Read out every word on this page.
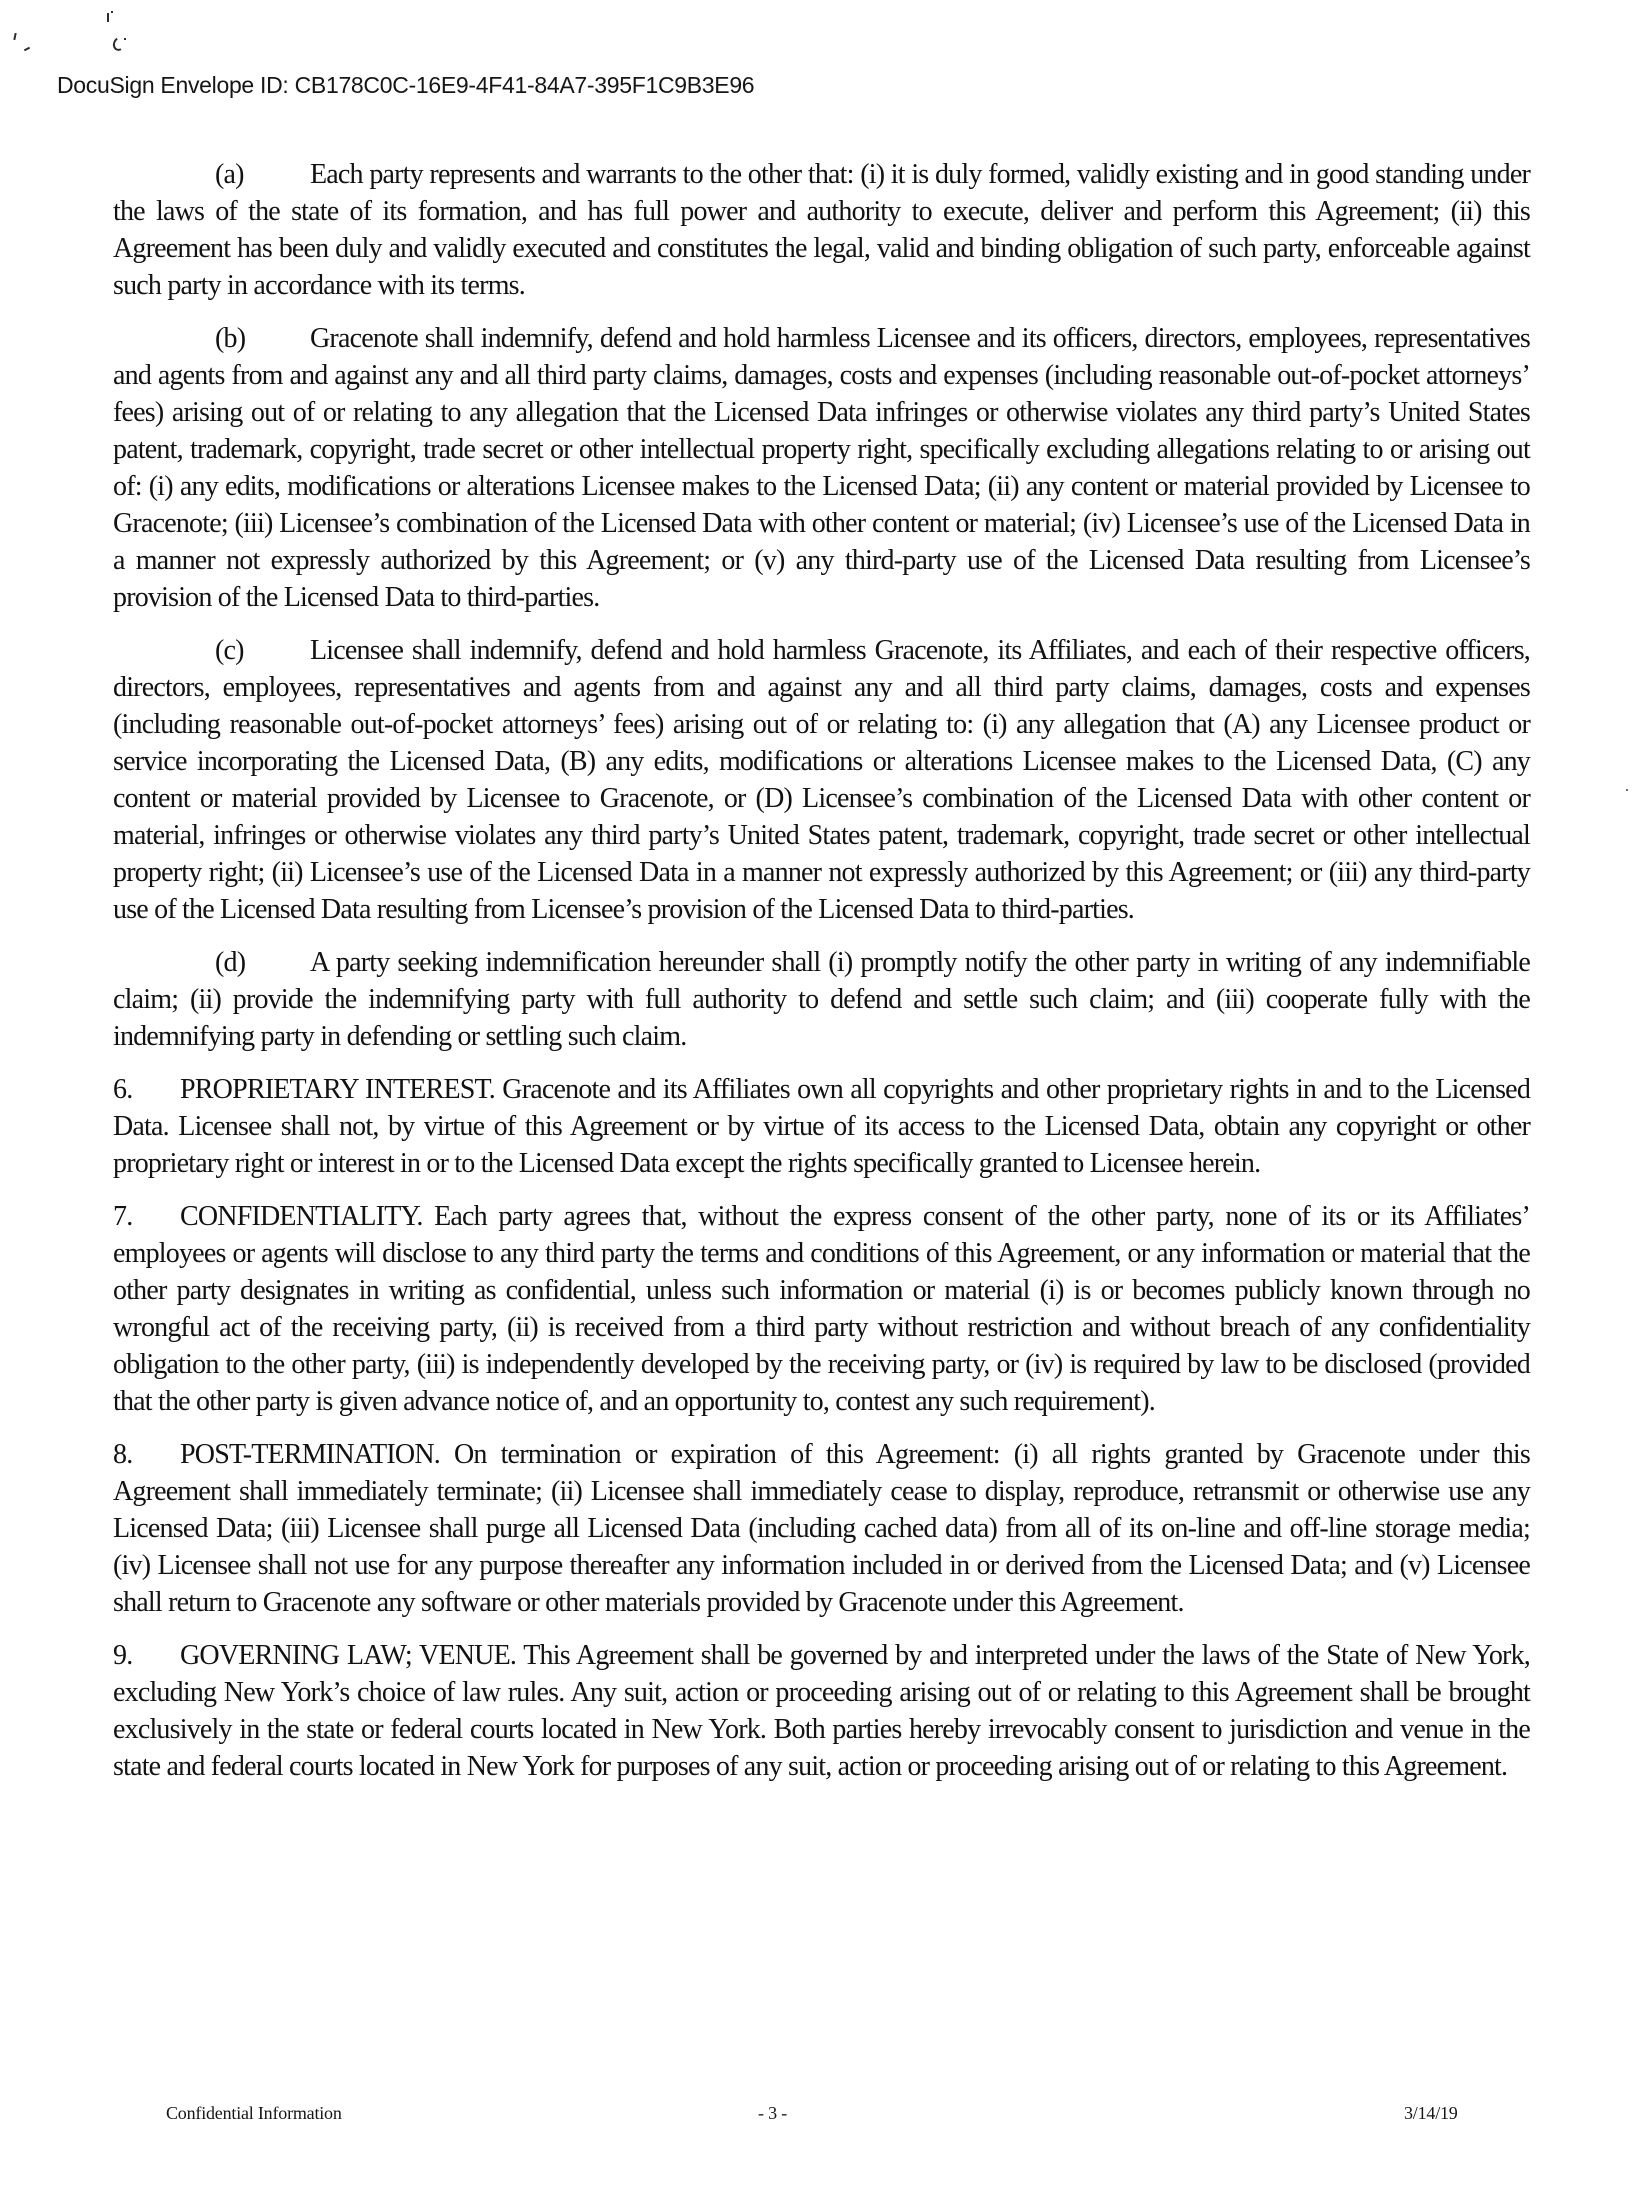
DocuSign Envelope ID: CB178C0C-16E9-4F41-84A7-395F1C9B3E96

(a) Each party represents and warrants to the other that: (i) it is duly formed, validly existing and in good standing under the laws of the state of its formation, and has full power and authority to execute, deliver and perform this Agreement; (ii) this Agreement has been duly and validly executed and constitutes the legal, valid and binding obligation of such party, enforceable against such party in accordance with its terms.

(b) Gracenote shall indemnify, defend and hold harmless Licensee and its officers, directors, employees, representatives and agents from and against any and all third party claims, damages, costs and expenses (including reasonable out-of-pocket attorneys’ fees) arising out of or relating to any allegation that the Licensed Data infringes or otherwise violates any third party’s United States patent, trademark, copyright, trade secret or other intellectual property right, specifically excluding allegations relating to or arising out of: (i) any edits, modifications or alterations Licensee makes to the Licensed Data; (ii) any content or material provided by Licensee to Gracenote; (iii) Licensee’s combination of the Licensed Data with other content or material; (iv) Licensee’s use of the Licensed Data in a manner not expressly authorized by this Agreement; or (v) any third-party use of the Licensed Data resulting from Licensee’s provision of the Licensed Data to third-parties.

(c) Licensee shall indemnify, defend and hold harmless Gracenote, its Affiliates, and each of their respective officers, directors, employees, representatives and agents from and against any and all third party claims, damages, costs and expenses (including reasonable out-of-pocket attorneys’ fees) arising out of or relating to: (i) any allegation that (A) any Licensee product or service incorporating the Licensed Data, (B) any edits, modifications or alterations Licensee makes to the Licensed Data, (C) any content or material provided by Licensee to Gracenote, or (D) Licensee’s combination of the Licensed Data with other content or material, infringes or otherwise violates any third party’s United States patent, trademark, copyright, trade secret or other intellectual property right; (ii) Licensee’s use of the Licensed Data in a manner not expressly authorized by this Agreement; or (iii) any third-party use of the Licensed Data resulting from Licensee’s provision of the Licensed Data to third-parties.

(d) A party seeking indemnification hereunder shall (i) promptly notify the other party in writing of any indemnifiable claim; (ii) provide the indemnifying party with full authority to defend and settle such claim; and (iii) cooperate fully with the indemnifying party in defending or settling such claim.

6. PROPRIETARY INTEREST. Gracenote and its Affiliates own all copyrights and other proprietary rights in and to the Licensed Data. Licensee shall not, by virtue of this Agreement or by virtue of its access to the Licensed Data, obtain any copyright or other proprietary right or interest in or to the Licensed Data except the rights specifically granted to Licensee herein.

7. CONFIDENTIALITY. Each party agrees that, without the express consent of the other party, none of its or its Affiliates’ employees or agents will disclose to any third party the terms and conditions of this Agreement, or any information or material that the other party designates in writing as confidential, unless such information or material (i) is or becomes publicly known through no wrongful act of the receiving party, (ii) is received from a third party without restriction and without breach of any confidentiality obligation to the other party, (iii) is independently developed by the receiving party, or (iv) is required by law to be disclosed (provided that the other party is given advance notice of, and an opportunity to, contest any such requirement).

8. POST-TERMINATION. On termination or expiration of this Agreement: (i) all rights granted by Gracenote under this Agreement shall immediately terminate; (ii) Licensee shall immediately cease to display, reproduce, retransmit or otherwise use any Licensed Data; (iii) Licensee shall purge all Licensed Data (including cached data) from all of its on-line and off-line storage media; (iv) Licensee shall not use for any purpose thereafter any information included in or derived from the Licensed Data; and (v) Licensee shall return to Gracenote any software or other materials provided by Gracenote under this Agreement.

9. GOVERNING LAW; VENUE. This Agreement shall be governed by and interpreted under the laws of the State of New York, excluding New York’s choice of law rules. Any suit, action or proceeding arising out of or relating to this Agreement shall be brought exclusively in the state or federal courts located in New York. Both parties hereby irrevocably consent to jurisdiction and venue in the state and federal courts located in New York for purposes of any suit, action or proceeding arising out of or relating to this Agreement.

Confidential Information	- 3 -	3/14/19
